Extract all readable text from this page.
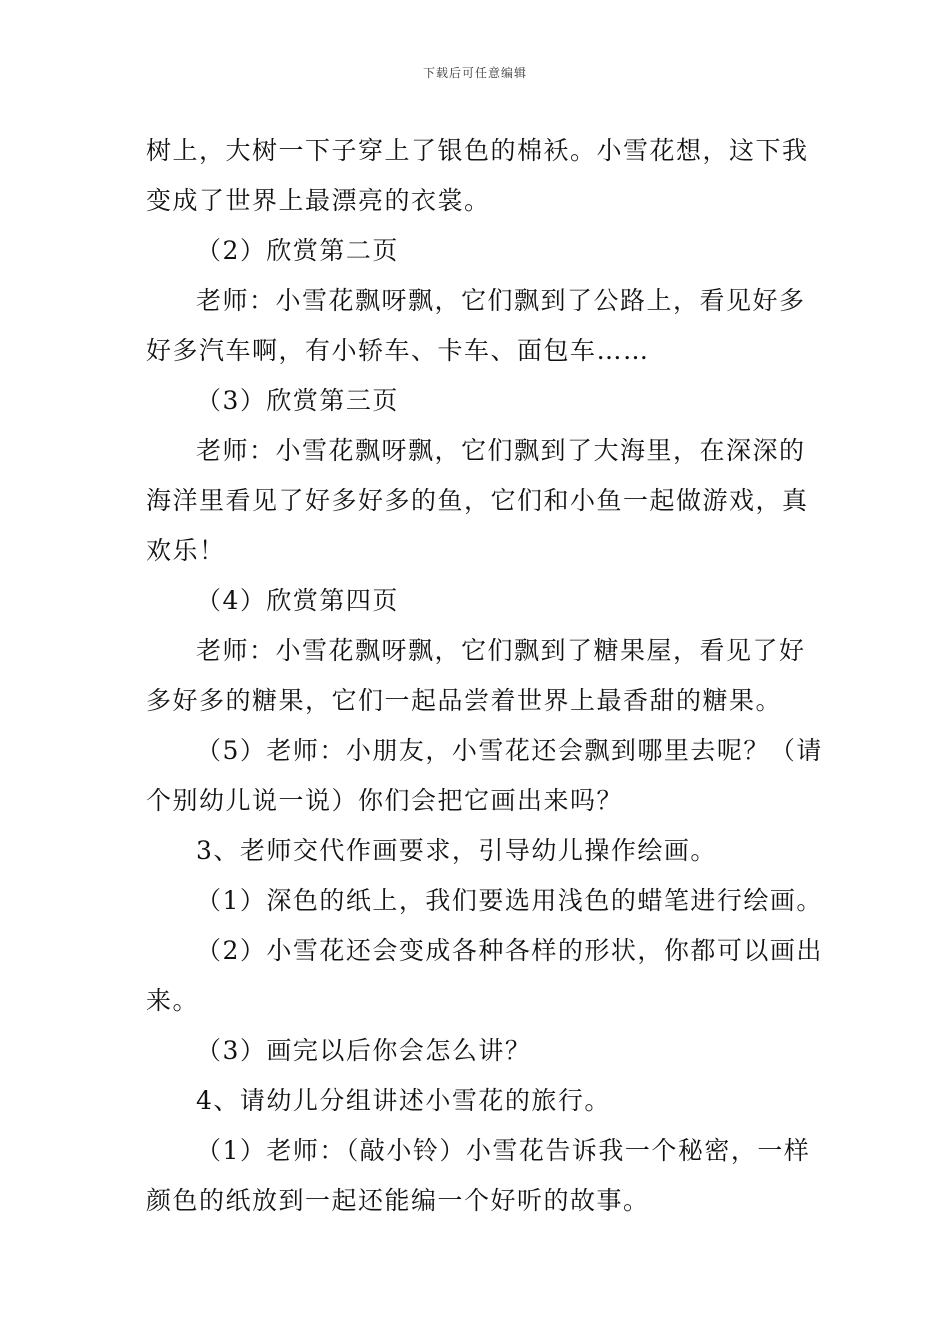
下载后可任意编辑

树上，大树一下子穿上了银色的棉袄。小雪花想，这下我
变成了世界上最漂亮的衣裳。

（2）欣赏第二页

老师：小雪花飘呀飘，它们飘到了公路上，看见好多
好多汽车啊，有小轿车、卡车、面包车……

（3）欣赏第三页

老师：小雪花飘呀飘，它们飘到了大海里，在深深的
海洋里看见了好多好多的鱼，它们和小鱼一起做游戏，真
欢乐！

（4）欣赏第四页

老师：小雪花飘呀飘，它们飘到了糖果屋，看见了好
多好多的糖果，它们一起品尝着世界上最香甜的糖果。

（5）老师：小朋友，小雪花还会飘到哪里去呢？（请
个别幼儿说一说）你们会把它画出来吗？

3、老师交代作画要求，引导幼儿操作绘画。

（1）深色的纸上，我们要选用浅色的蜡笔进行绘画。

（2）小雪花还会变成各种各样的形状，你都可以画出
来。

（3）画完以后你会怎么讲？

4、请幼儿分组讲述小雪花的旅行。

（1）老师：（敲小铃）小雪花告诉我一个秘密，一样
颜色的纸放到一起还能编一个好听的故事。
